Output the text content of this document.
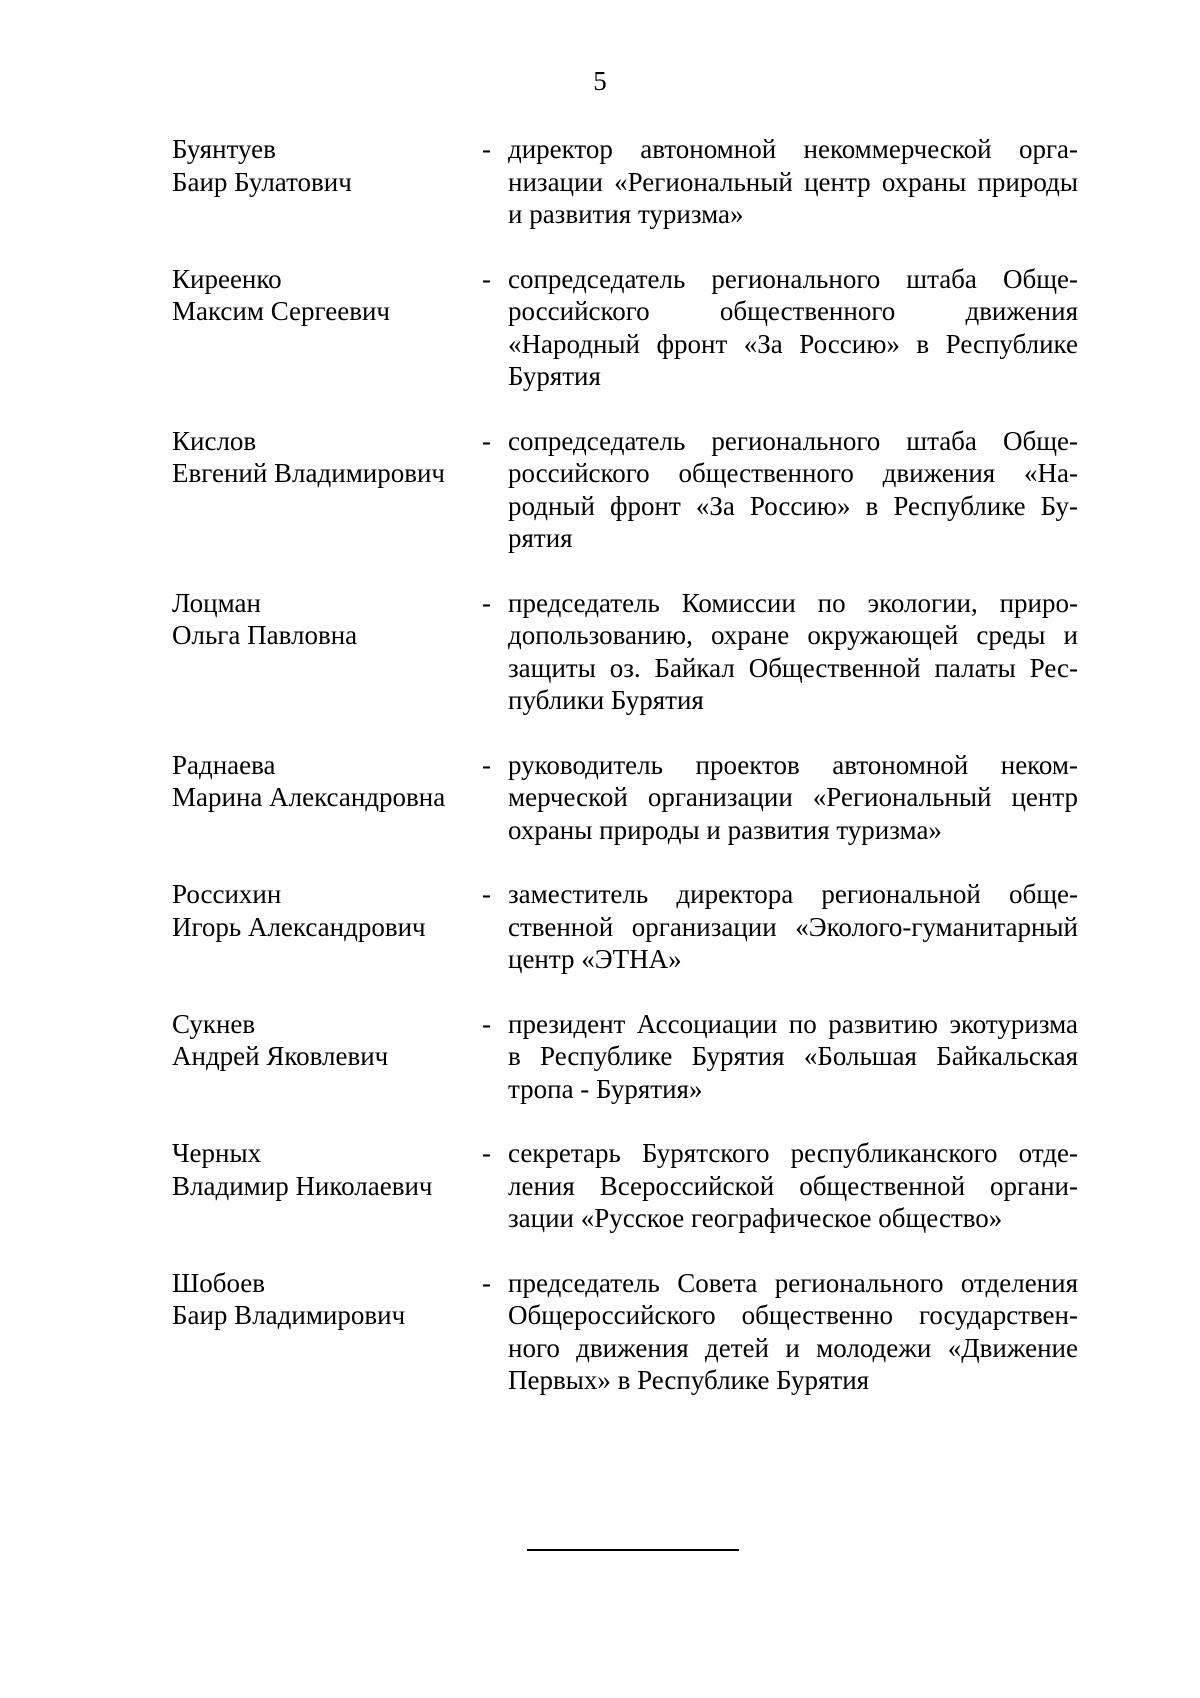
5
Буянтуев
Баир Булатович
- директор автономной некоммерческой организации «Региональный центр охраны природы и развития туризма»
Киреенко
Максим Сергеевич
- сопредседатель регионального штаба Общероссийского общественного движения «Народный фронт «За Россию» в Республике Бурятия
Кислов
Евгений Владимирович
- сопредседатель регионального штаба Общероссийского общественного движения «Народный фронт «За Россию» в Республике Бурятия
Лоцман
Ольга Павловна
- председатель Комиссии по экологии, природопользованию, охране окружающей среды и защиты оз. Байкал Общественной палаты Республики Бурятия
Раднаева
Марина Александровна
- руководитель проектов автономной некоммерческой организации «Региональный центр охраны природы и развития туризма»
Россихин
Игорь Александрович
- заместитель директора региональной общественной организации «Эколого-гуманитарный центр «ЭТНА»
Сукнев
Андрей Яковлевич
- президент Ассоциации по развитию экотуризма в Республике Бурятия «Большая Байкальская тропа - Бурятия»
Черных
Владимир Николаевич
- секретарь Бурятского республиканского отделения Всероссийской общественной организации «Русское географическое общество»
Шобоев
Баир Владимирович
- председатель Совета регионального отделения Общероссийского общественно государственного движения детей и молодежи «Движение Первых» в Республике Бурятия
